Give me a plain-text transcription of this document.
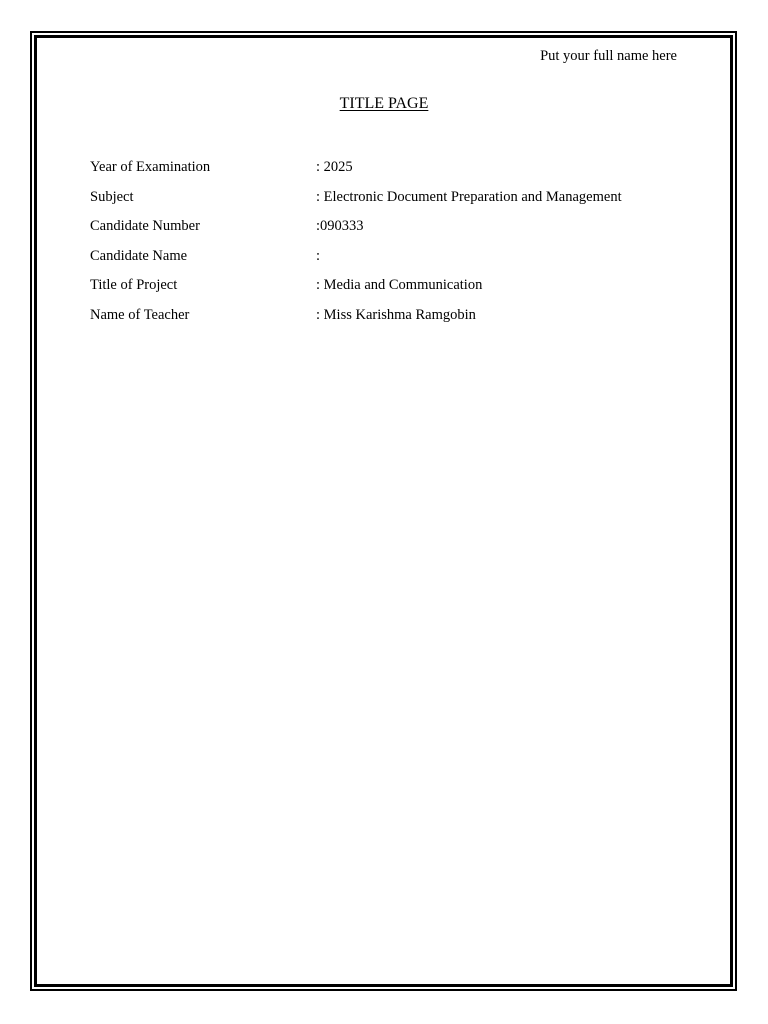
Put your full name here
TITLE PAGE
Year of Examination	: 2025
Subject	: Electronic Document Preparation and Management
Candidate Number	:090333
Candidate Name	:
Title of Project	: Media and Communication
Name of Teacher	: Miss Karishma Ramgobin
